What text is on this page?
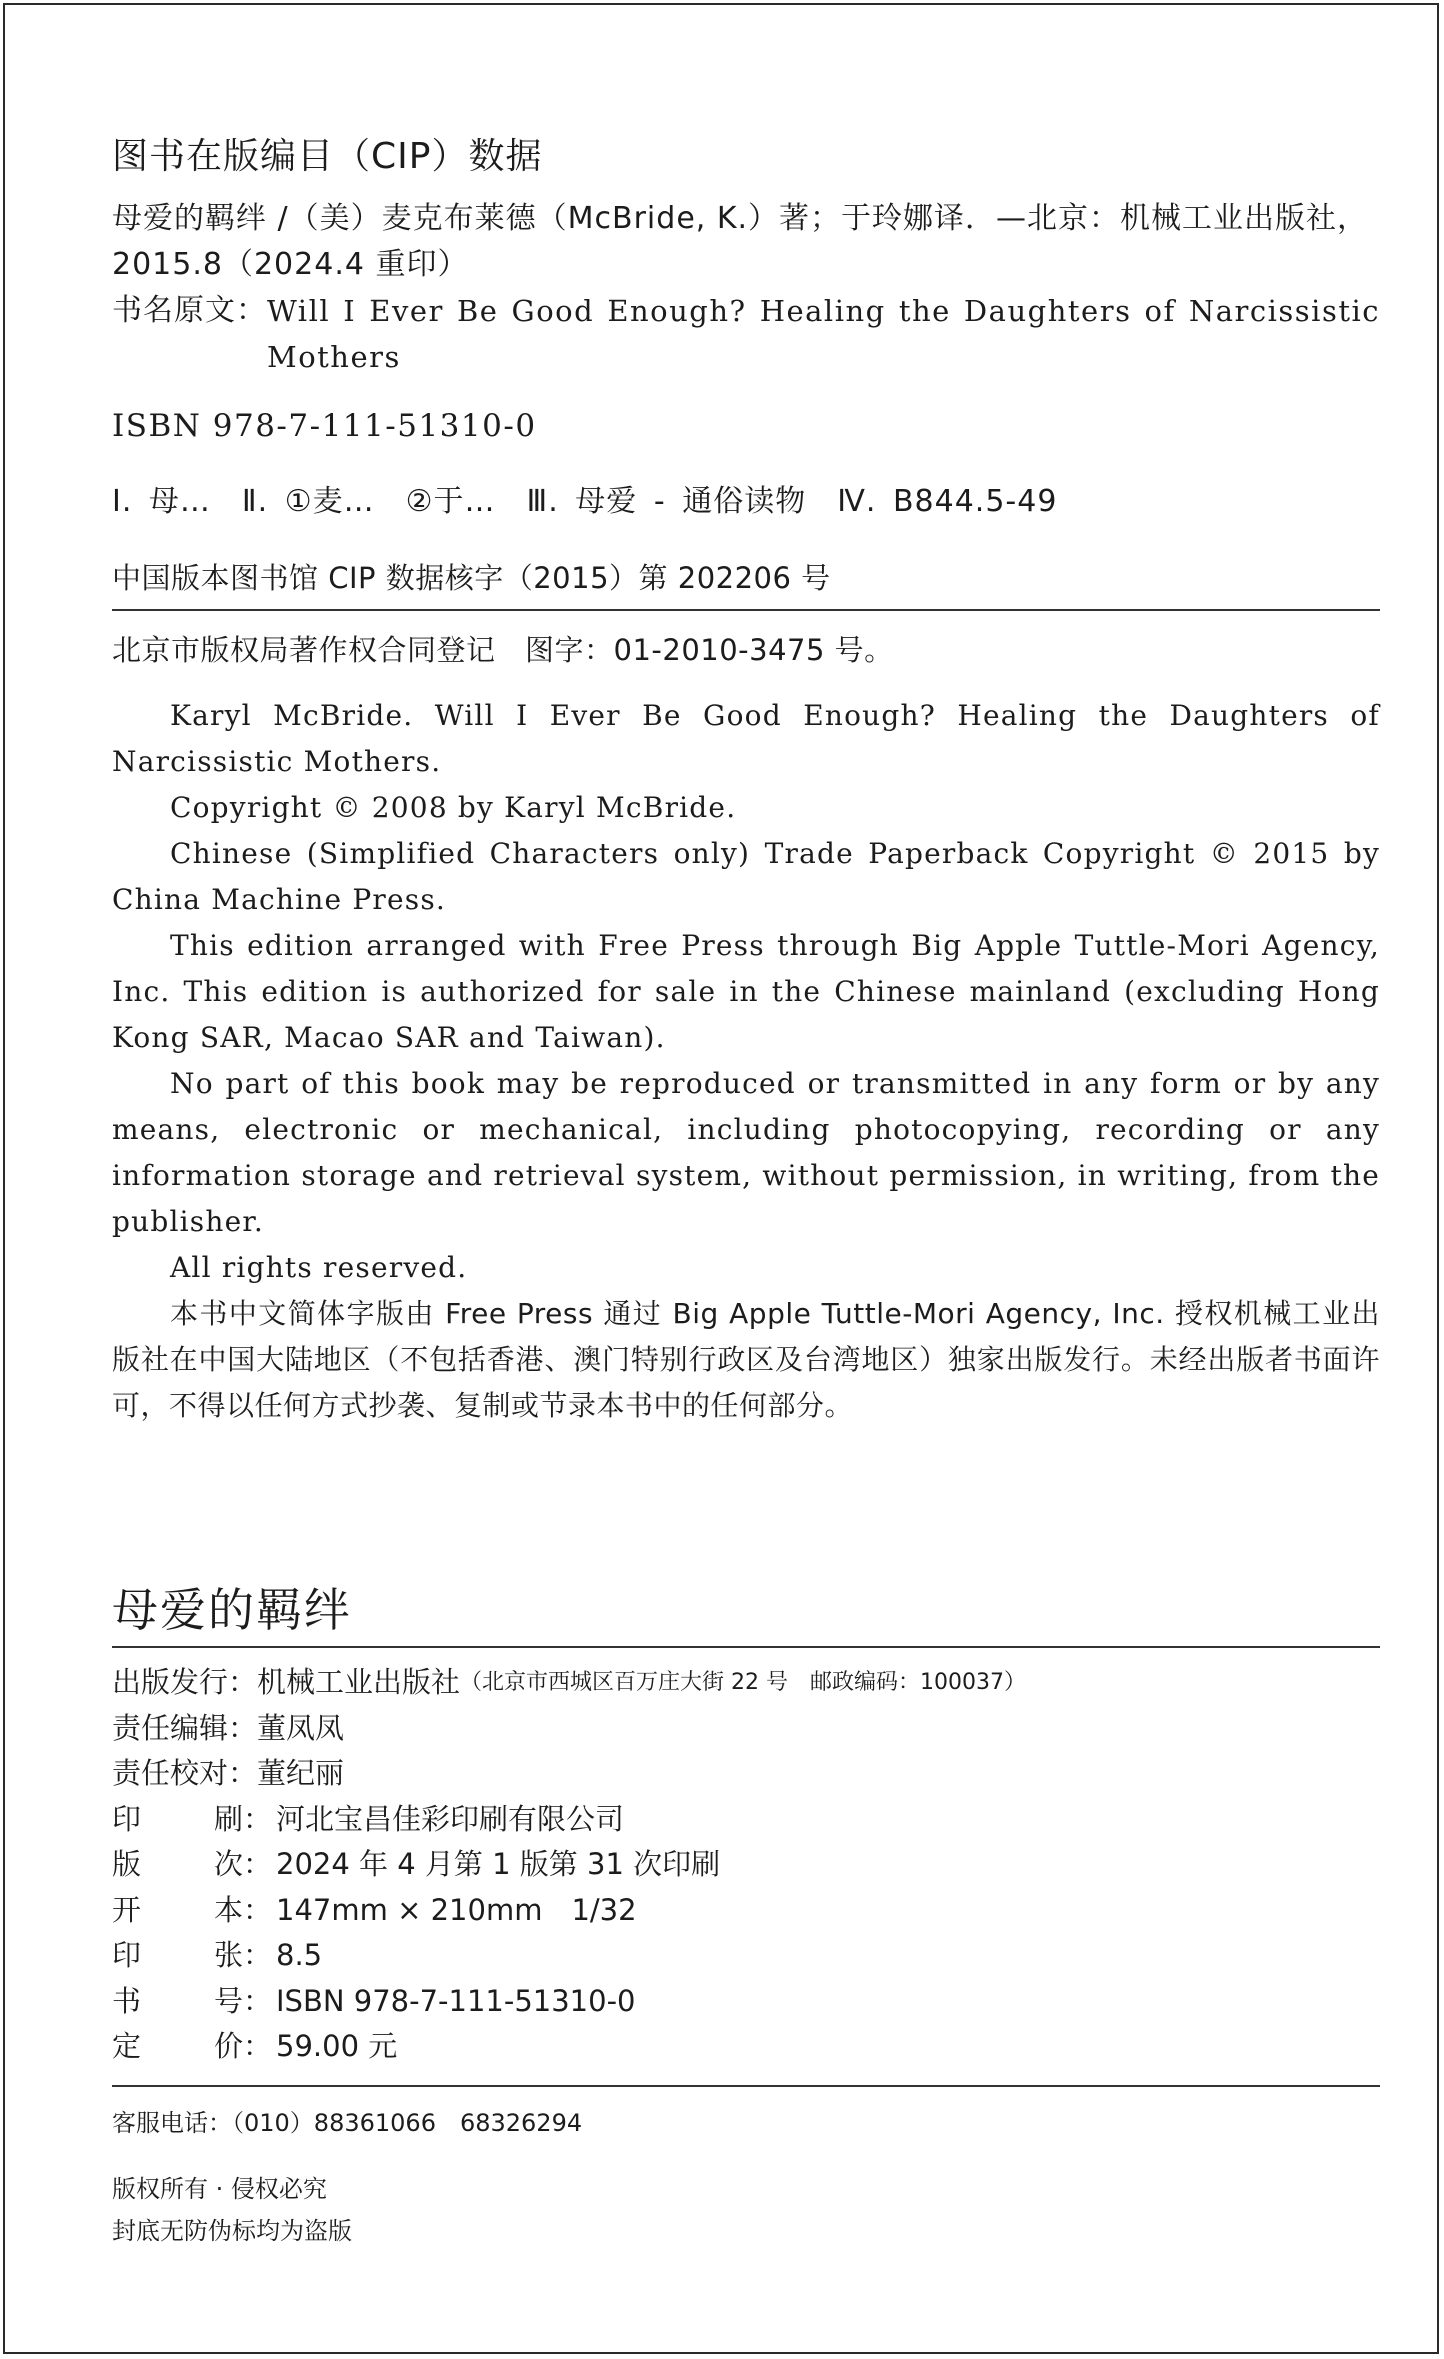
图书在版编目（CIP）数据
母爱的羁绊 /（美）麦克布莱德（McBride, K.）著；于玲娜译．—北京：机械工业出版社，
2015.8（2024.4 重印）
书名原文： Will I Ever Be Good Enough? Healing the Daughters of Narcissistic
Mothers
ISBN 978-7-111-51310-0
Ⅰ. 母…　Ⅱ. ①麦…　②于…　Ⅲ. 母爱 - 通俗读物　Ⅳ. B844.5-49
中国版本图书馆 CIP 数据核字（2015）第 202206 号
北京市版权局著作权合同登记　图字：01-2010-3475 号。

Karyl McBride. Will I Ever Be Good Enough? Healing the Daughters of Narcissistic Mothers.

Copyright © 2008 by Karyl McBride.

Chinese (Simplified Characters only) Trade Paperback Copyright © 2015 by China Machine Press.

This edition arranged with Free Press through Big Apple Tuttle-Mori Agency, Inc. This edition is authorized for sale in the Chinese mainland (excluding Hong Kong SAR, Macao SAR and Taiwan).

No part of this book may be reproduced or transmitted in any form or by any means, electronic or mechanical, including photocopying, recording or any information storage and retrieval system, without permission, in writing, from the publisher.

All rights reserved.

本书中文简体字版由 Free Press 通过 Big Apple Tuttle-Mori Agency, Inc. 授权机械工业出版社在中国大陆地区（不包括香港、澳门特别行政区及台湾地区）独家出版发行。未经出版者书面许可，不得以任何方式抄袭、复制或节录本书中的任何部分。

母爱的羁绊
出版发行： 机械工业出版社 （北京市西城区百万庄大街 22 号　邮政编码：100037）
责任编辑： 董凤凤
责任校对： 董纪丽
印	刷： 河北宝昌佳彩印刷有限公司
版	次： 2024 年 4 月第 1 版第 31 次印刷
开	本： 147mm × 210mm　1/32
印	张： 8.5
书	号： ISBN 978-7-111-51310-0
定	价： 59.00 元
客服电话：（010）88361066　68326294
版权所有 · 侵权必究
封底无防伪标均为盗版
